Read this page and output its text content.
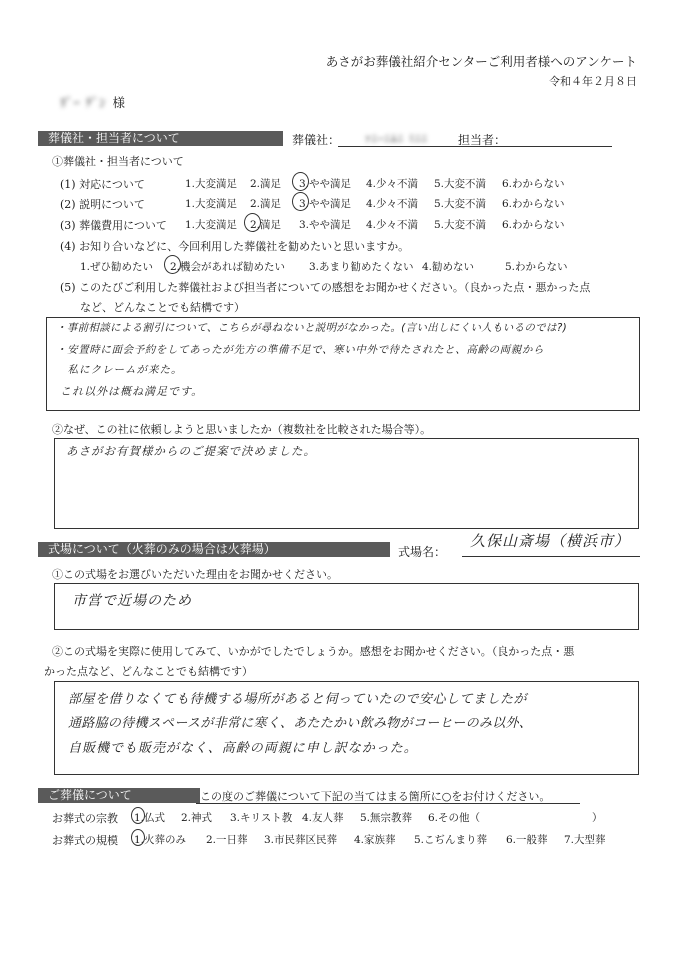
あさがお葬儀社紹介センターご利用者様へのアンケート
令和４年２月８日
ﾘﾞｰ ﾃﾞﾝ 様
葬儀社・担当者について	葬儀社： ｧﾆｰﾆﾑﾆ ﾐﾆﾆ	担当者：
①葬儀社・担当者について
(1) 対応について	1.大変満足 2.満足 3.やや満足 4.少々不満 5.大変不満 6.わからない
(2) 説明について	1.大変満足 2.満足 3.やや満足 4.少々不満 5.大変不満 6.わからない
(3) 葬儀費用について 1.大変満足 2.満足 3.やや満足 4.少々不満 5.大変不満 6.わからない
(4) お知り合いなどに、今回利用した葬儀社を勧めたいと思いますか。
1.ぜひ勧めたい 2.機会があれば勧めたい 3.あまり勧めたくない 4.勧めない	5.わからない
(5) このたびご利用した葬儀社および担当者についての感想をお聞かせください。（良かった点・悪かった点
など、どんなことでも結構です）
・事前相談による割引について、こちらが尋ねないと説明がなかった。(言い出しにくい人もいるのでは?)
・安置時に面会予約をしてあったが先方の準備不足で、寒い中外で待たされたと、高齢の両親から
　私にクレームが来た。
これ以外は概ね満足です。
②なぜ、この社に依頼しようと思いましたか（複数社を比較された場合等）。
あさがお有賀様からのご提案で決めました。
式場について（火葬のみの場合は火葬場）	式場名：
久保山斎場（横浜市）
①この式場をお選びいただいた理由をお聞かせください。
市営で近場のため
②この式場を実際に使用してみて、いかがでしたでしょうか。感想をお聞かせください。（良かった点・悪
かった点など、どんなことでも結構です）
部屋を借りなくても待機する場所があると伺っていたので安心してましたが
通路脇の待機スペースが非常に寒く、あたたかい飲み物がコーヒーのみ以外、
自販機でも販売がなく、高齢の両親に申し訳なかった。
ご葬儀について	この度のご葬儀について下記の当てはまる箇所に○をお付けください。
お葬式の宗教 1.仏式 2.神式 3.キリスト教 4.友人葬 5.無宗教葬 6.その他（	）
お葬式の規模 1.火葬のみ 2.一日葬 3.市民葬区民葬 4.家族葬 5.こぢんまり葬 6.一般葬 7.大型葬
